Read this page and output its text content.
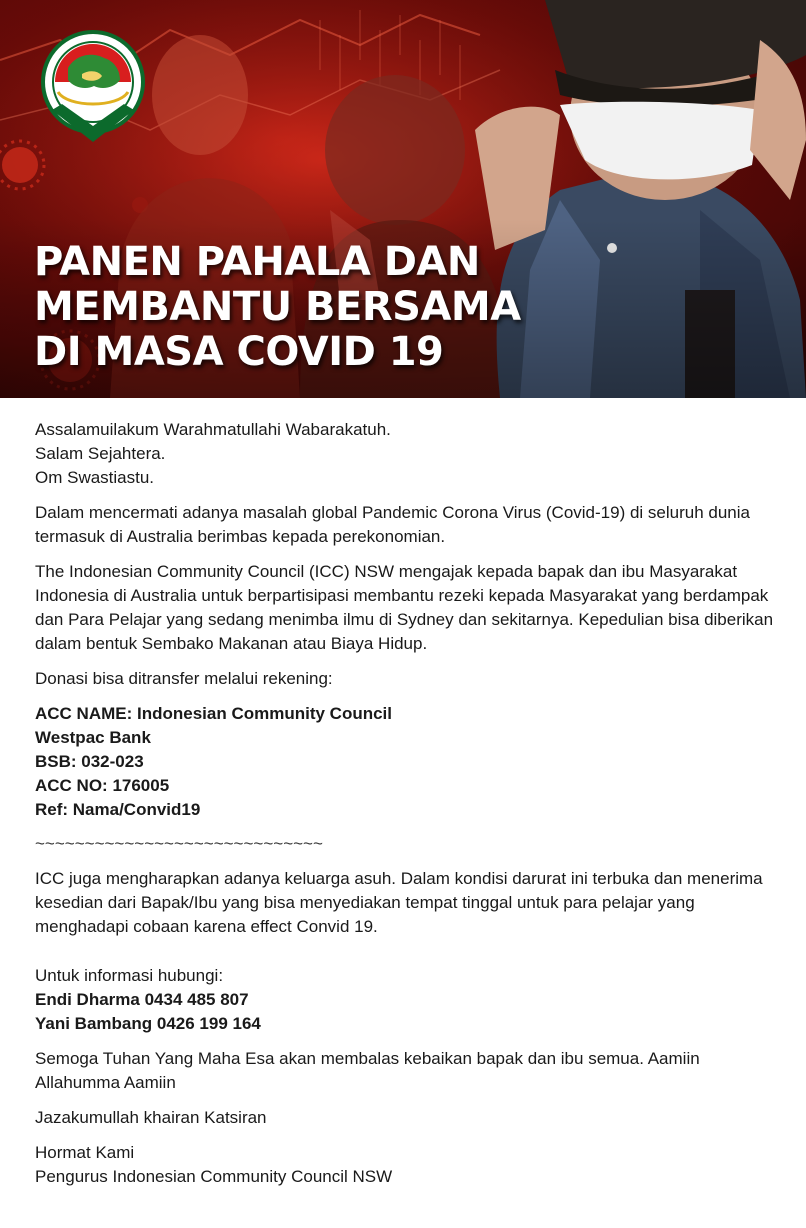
PANEN PAHALA DAN
MEMBANTU BERSAMA
DI MASA COVID 19

Assalamuilakum Warahmatullahi Wabarakatuh.
Salam Sejahtera.
Om Swastiastu.

Dalam mencermati adanya masalah global Pandemic Corona Virus (Covid-19) di seluruh dunia termasuk di Australia berimbas kepada perekonomian.

The Indonesian Community Council (ICC) NSW mengajak kepada bapak dan ibu Masyarakat Indonesia di Australia untuk berpartisipasi membantu rezeki kepada Masyarakat yang berdampak dan Para Pelajar yang sedang menimba ilmu di Sydney dan sekitarnya. Kepedulian bisa diberikan dalam bentuk Sembako Makanan atau Biaya Hidup.

Donasi bisa ditransfer melalui rekening:

ACC NAME: Indonesian Community Council
Westpac Bank
BSB: 032-023
ACC NO: 176005
Ref: Nama/Convid19

~~~~~~~~~~~~~~~~~~~~~~~~~~~~~

ICC juga mengharapkan adanya keluarga asuh. Dalam kondisi darurat ini terbuka dan menerima kesedian dari Bapak/Ibu yang bisa menyediakan tempat tinggal untuk para pelajar yang menghadapi cobaan karena effect Convid 19.

Untuk informasi hubungi:
Endi Dharma 0434 485 807
Yani Bambang 0426 199 164

Semoga Tuhan Yang Maha Esa akan membalas kebaikan bapak dan ibu semua. Aamiin Allahumma Aamiin

Jazakumullah khairan Katsiran

Hormat Kami
Pengurus Indonesian Community Council NSW
